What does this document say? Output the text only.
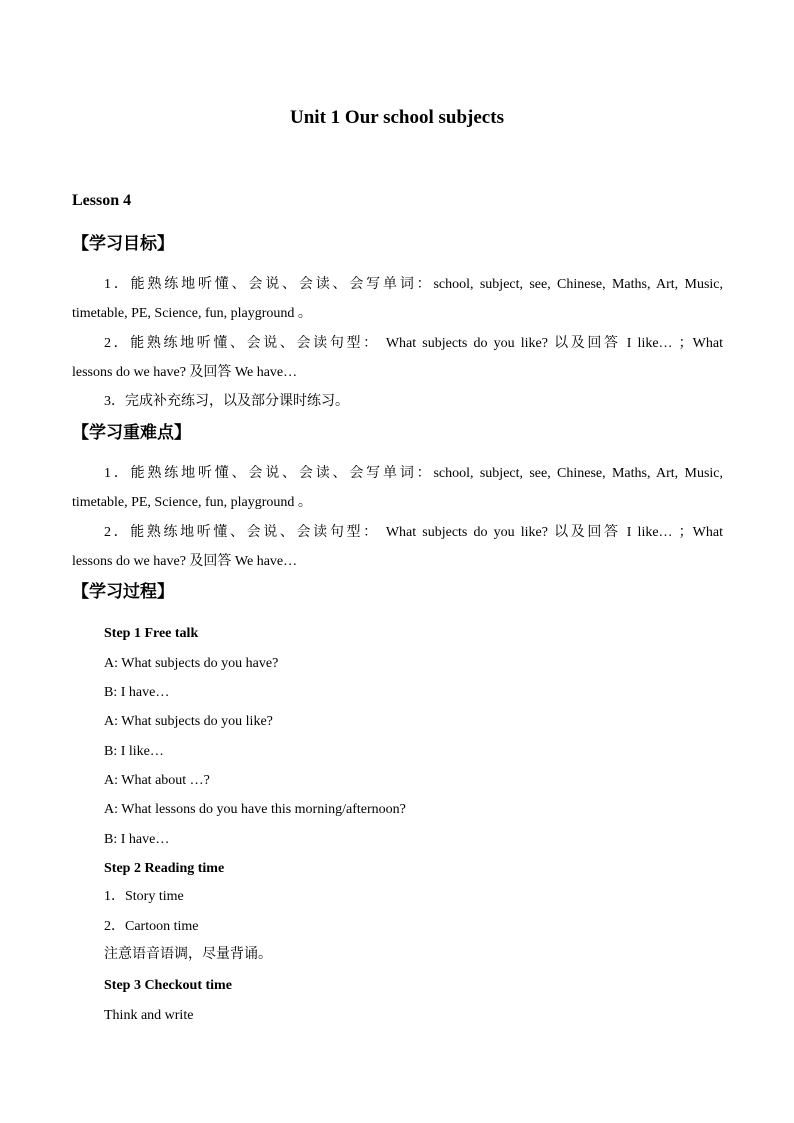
Unit 1 Our school subjects
Lesson 4
【学习目标】
1．能熟练地听懂、会说、会读、会写单词：school, subject, see, Chinese, Maths, Art, Music,
timetable, PE, Science, fun, playground 。
2．能熟练地听懂、会说、会读句型： What subjects do you like? 以及回答 I like… ；What
lessons do we have? 及回答 We have…
3．完成补充练习，以及部分课时练习。
【学习重难点】
1．能熟练地听懂、会说、会读、会写单词：school, subject, see, Chinese, Maths, Art, Music,
timetable, PE, Science, fun, playground 。
2．能熟练地听懂、会说、会读句型： What subjects do you like? 以及回答 I like… ；What
lessons do we have? 及回答 We have…
【学习过程】
Step 1 Free talk
A: What subjects do you have?
B: I have…
A: What subjects do you like?
B: I like…
A: What about …?
A: What lessons do you have this morning/afternoon?
B: I have…
Step 2 Reading time
1．Story time
2．Cartoon time
注意语音语调，尽量背诵。
Step 3 Checkout time
Think and write
